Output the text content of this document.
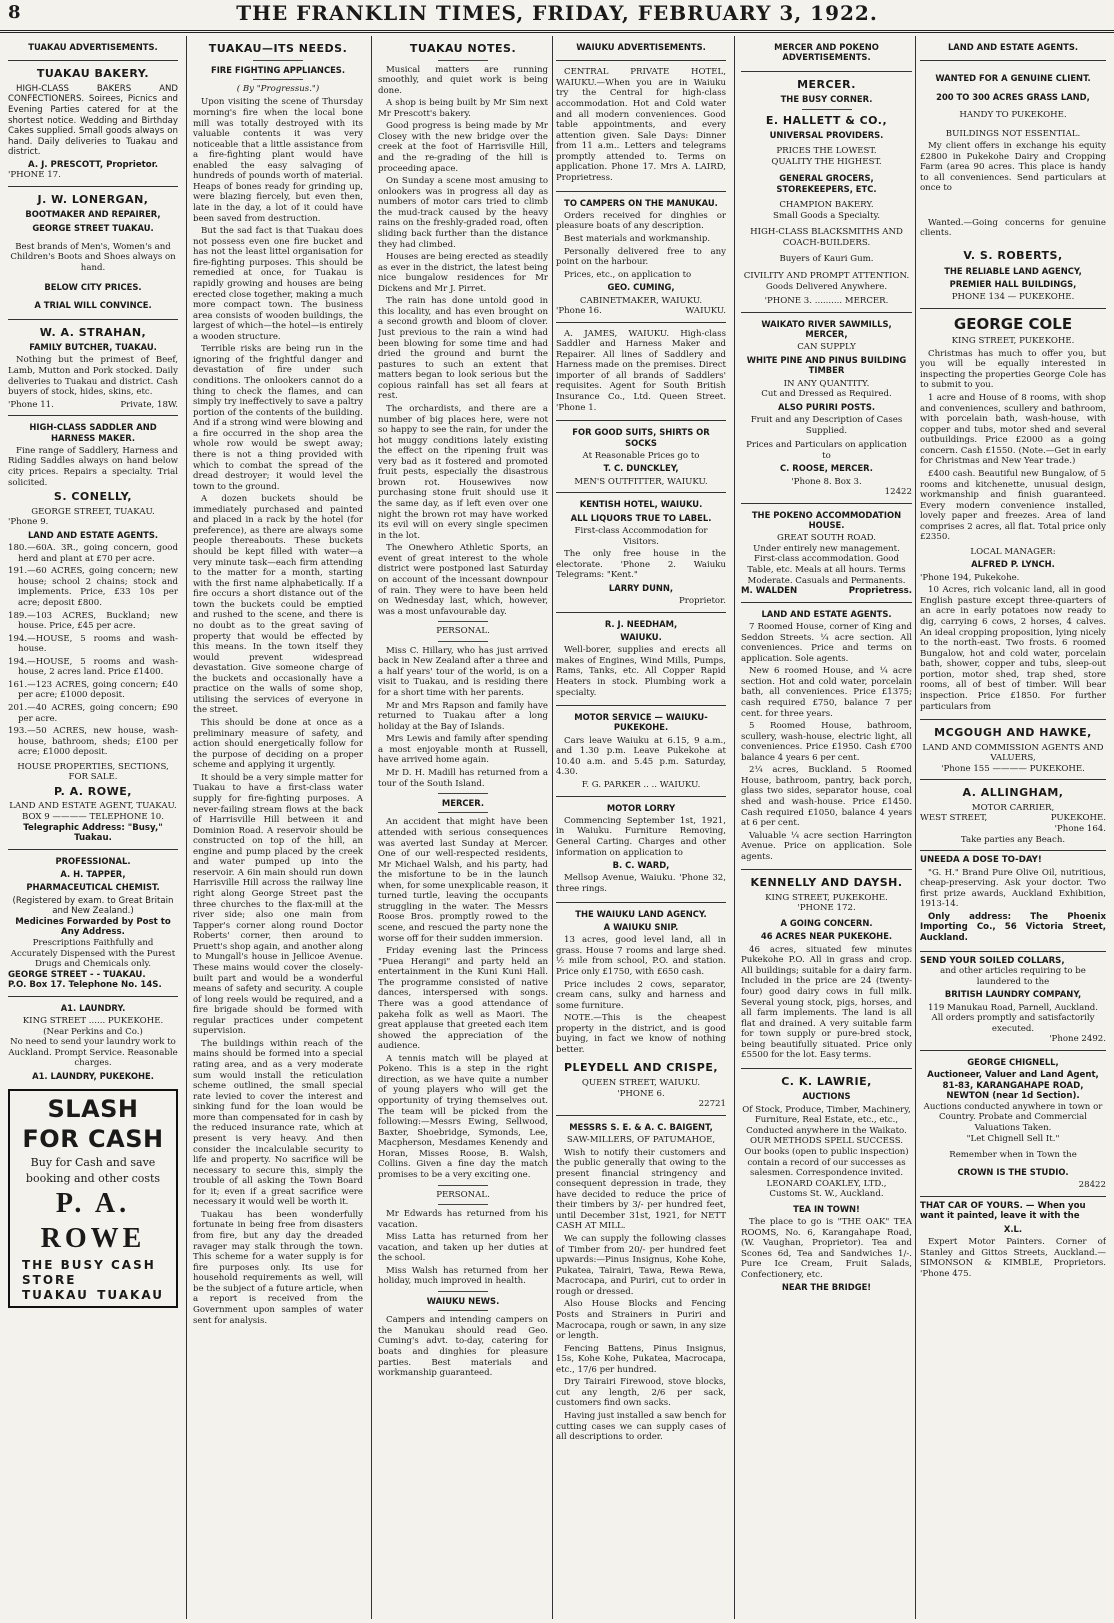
8	THE FRANKLIN TIMES, FRIDAY, FEBRUARY 3, 1922.
TUAKAU ADVERTISEMENTS.
TUAKAU BAKERY.

HIGH-CLASS BAKERS AND CONFECTIONERS. Soirees, Picnics and Evening Parties catered for at the shortest notice. Wedding and Birthday Cakes supplied. Small goods always on hand. Daily deliveries to Tuakau and district.

A. J. PRESCOTT, Proprietor.
'PHONE 17.
J. W. LONERGAN,
BOOTMAKER AND REPAIRER,
GEORGE STREET TUAKAU.

Best brands of Men's, Women's and Children's Boots and Shoes always on hand.

BELOW CITY PRICES.
A TRIAL WILL CONVINCE.
W. A. STRAHAN,
FAMILY BUTCHER, TUAKAU.

Nothing but the primest of Beef, Lamb, Mutton and Pork stocked. Daily deliveries to Tuakau and district. Cash buyers of stock, hides, skins, etc.

'Phone 11.	Private, 18W.
HIGH-CLASS SADDLER AND HARNESS MAKER.

Fine range of Saddlery, Harness and Riding Saddles always on hand below city prices. Repairs a specialty. Trial solicited.

S. CONELLY,
GEORGE STREET, TUAKAU.
'Phone 9.
LAND AND ESTATE AGENTS.

180.—60A. 3R., going concern, good herd and plant at £70 per acre.

191.—60 ACRES, going concern; new house; school 2 chains; stock and implements. Price, £33 10s per acre; deposit £800.

189.—103 ACRES, Buckland; new house. Price, £45 per acre.

194.—HOUSE, 5 rooms and wash-house.

194.—HOUSE, 5 rooms and wash-house, 2 acres land. Price £1400.

161.—123 ACRES, going concern; £40 per acre; £1000 deposit.

201.—40 ACRES, going concern; £90 per acre.

193.—50 ACRES, new house, wash-house, bathroom, sheds; £100 per acre; £1000 deposit.

HOUSE PROPERTIES, SECTIONS, FOR SALE.
P. A. ROWE,
LAND AND ESTATE AGENT, TUAKAU.
BOX 9 ———— TELEPHONE 10.
Telegraphic Address: "Busy," Tuakau.
PROFESSIONAL.
A. H. TAPPER,
PHARMACEUTICAL CHEMIST.
(Registered by exam. to Great Britain and New Zealand.)
Medicines Forwarded by Post to Any Address.
Prescriptions Faithfully and Accurately Dispensed with the Purest Drugs and Chemicals only.
GEORGE STREET - - TUAKAU.
P.O. Box 17. Telephone No. 14S.
A1. LAUNDRY.
KING STREET ...... PUKEKOHE.
(Near Perkins and Co.)
No need to send your laundry work to Auckland. Prompt Service. Reasonable charges.
A1. LAUNDRY, PUKEKOHE.
SLASH FOR CASH
Buy for Cash and save
booking and other costs
P. A. ROWE
THE BUSY CASH STORE
TUAKAU TUAKAU
TUAKAU—ITS NEEDS.
FIRE FIGHTING APPLIANCES.
( By "Progressus.")

Upon visiting the scene of Thursday morning's fire when the local bone mill was totally destroyed with its valuable contents it was very noticeable that a little assistance from a fire-fighting plant would have enabled the easy salvaging of hundreds of pounds worth of material. Heaps of bones ready for grinding up, were blazing fiercely, but even then, late in the day, a lot of it could have been saved from destruction.

But the sad fact is that Tuakau does not possess even one fire bucket and has not the least littel organisation for fire-fighting purposes. This should be remedied at once, for Tuakau is rapidly growing and houses are being erected close together, making a much more compact town. The business area consists of wooden buildings, the largest of which—the hotel—is entirely a wooden structure.

Terrible risks are being run in the ignoring of the frightful danger and devastation of fire under such conditions. The onlookers cannot do a thing to check the flames, and can simply try ineffectively to save a paltry portion of the contents of the building. And if a strong wind were blowing and a fire occurred in the shop area the whole row would be swept away; there is not a thing provided with which to combat the spread of the dread destroyer; it would level the town to the ground.

A dozen buckets should be immediately purchased and painted and placed in a rack by the hotel (for preference), as there are always some people thereabouts. These buckets should be kept filled with water—a very minute task—each firm attending to the matter for a month, starting with the first name alphabetically. If a fire occurs a short distance out of the town the buckets could be emptied and rushed to the scene, and there is no doubt as to the great saving of property that would be effected by this means. In the town itself they would prevent widespread devastation. Give someone charge of the buckets and occasionally have a practice on the walls of some shop, utilising the services of everyone in the street.

This should be done at once as a preliminary measure of safety, and action should energetically follow for the purpose of deciding on a proper scheme and applying it urgently.

It should be a very simple matter for Tuakau to have a first-class water supply for fire-fighting purposes. A never-failing stream flows at the back of Harrisville Hill between it and Dominion Road. A reservoir should be constructed on top of the hill, an engine and pump placed by the creek and water pumped up into the reservoir. A 6in main should run down Harrisville Hill across the railway line right along George Street past the three churches to the flax-mill at the river side; also one main from Tapper's corner along round Doctor Roberts' corner, then around to Pruett's shop again, and another along to Mungall's house in Jellicoe Avenue. These mains would cover the closely-built part and would be a wonderful means of safety and security. A couple of long reels would be required, and a fire brigade should be formed with regular practices under competent supervision.

The buildings within reach of the mains should be formed into a special rating area, and as a very moderate sum would install the reticulation scheme outlined, the small special rate levied to cover the interest and sinking fund for the loan would be more than compensated for in cash by the reduced insurance rate, which at present is very heavy. And then consider the incalculable security to life and property. No sacrifice will be necessary to secure this, simply the trouble of all asking the Town Board for it; even if a great sacrifice were necessary it would well be worth it.

Tuakau has been wonderfully fortunate in being free from disasters from fire, but any day the dreaded ravager may stalk through the town. This scheme for a water supply is for fire purposes only. Its use for household requirements as well, will be the subject of a future article, when a report is received from the Government upon samples of water sent for analysis.

TUAKAU NOTES.

Musical matters are running smoothly, and quiet work is being done.

A shop is being built by Mr Sim next Mr Prescott's bakery.

Good progress is being made by Mr Closey with the new bridge over the creek at the foot of Harrisville Hill, and the re-grading of the hill is proceeding apace.

On Sunday a scene most amusing to onlookers was in progress all day as numbers of motor cars tried to climb the mud-track caused by the heavy rains on the freshly-graded road, often sliding back further than the distance they had climbed.

Houses are being erected as steadily as ever in the district, the latest being nice bungalow residences for Mr Dickens and Mr J. Pirret.

The rain has done untold good in this locality, and has even brought on a second growth and bloom of clover. Just previous to the rain a wind had been blowing for some time and had dried the ground and burnt the pastures to such an extent that matters began to look serious but the copious rainfall has set all fears at rest.

The orchardists, and there are a number of big places here, were not so happy to see the rain, for under the hot muggy conditions lately existing the effect on the ripening fruit was very bad as it fostered and promoted fruit pests, especially the disastrous brown rot. Housewives now purchasing stone fruit should use it the same day, as if left even over one night the brown rot may have worked its evil will on every single specimen in the lot.

The Onewhero Athletic Sports, an event of great interest to the whole district were postponed last Saturday on account of the incessant downpour of rain. They were to have been held on Wednesday last, which, however, was a most unfavourable day.

PERSONAL.

Miss C. Hillary, who has just arrived back in New Zealand after a three and a half years' tour of the world, is on a visit to Tuakau, and is residing there for a short time with her parents.

Mr and Mrs Rapson and family have returned to Tuakau after a long holiday at the Bay of Islands.

Mrs Lewis and family after spending a most enjoyable month at Russell, have arrived home again.

Mr D. H. Madill has returned from a tour of the South Island.

MERCER.

An accident that might have been attended with serious consequences was averted last Sunday at Mercer. One of our well-respected residents, Mr Michael Walsh, and his party, had the misfortune to be in the launch when, for some unexplicable reason, it turned turtle, leaving the occupants struggling in the water. The Messrs Roose Bros. promptly rowed to the scene, and rescued the party none the worse off for their sudden immersion.

Friday evening last the Princess "Puea Herangi" and party held an entertainment in the Kuni Kuni Hall. The programme consisted of native dances, interspersed with songs. There was a good attendance of pakeha folk as well as Maori. The great applause that greeted each item showed the appreciation of the audience.

A tennis match will be played at Pokeno. This is a step in the right direction, as we have quite a number of young players who will get the opportunity of trying themselves out. The team will be picked from the following:—Messrs Ewing, Sellwood, Baxter, Shoebridge, Symonds, Lee, Macpherson, Mesdames Kenendy and Horan, Misses Roose, B. Walsh, Collins. Given a fine day the match promises to be a very exciting one.

PERSONAL.

Mr Edwards has returned from his vacation.

Miss Latta has returned from her vacation, and taken up her duties at the school.

Miss Walsh has returned from her holiday, much improved in health.

WAIUKU NEWS.

Campers and intending campers on the Manukau should read Geo. Cuming's advt. to-day, catering for boats and dinghies for pleasure parties. Best materials and workmanship guaranteed.

WAIUKU ADVERTISEMENTS.

CENTRAL PRIVATE HOTEL, WAIUKU.—When you are in Waiuku try the Central for high-class accommodation. Hot and Cold water and all modern conveniences. Good table appointments, and every attention given. Sale Days: Dinner from 11 a.m.. Letters and telegrams promptly attended to. Terms on application. Phone 17. Mrs A. LAIRD, Proprietress.

TO CAMPERS ON THE MANUKAU.

Orders received for dinghies or pleasure boats of any description.

Best materials and workmanship.

Personally delivered free to any point on the harbour.

Prices, etc., on application to

GEO. CUMING,
CABINETMAKER, WAIUKU.
'Phone 16.	WAIUKU.

A. JAMES, WAIUKU. High-class Saddler and Harness Maker and Repairer. All lines of Saddlery and Harness made on the premises. Direct importer of all brands of Saddlers' requisites. Agent for South British Insurance Co., Ltd. Queen Street. 'Phone 1.

FOR GOOD SUITS, SHIRTS OR SOCKS
At Reasonable Prices go to
T. C. DUNCKLEY,
MEN'S OUTFITTER, WAIUKU.
KENTISH HOTEL, WAIUKU.
ALL LIQUORS TRUE TO LABEL.
First-class Accommodation for Visitors.

The only free house in the electorate. 'Phone 2. Waiuku Telegrams: "Kent."

LARRY DUNN,
Proprietor.
R. J. NEEDHAM,
WAIUKU.

Well-borer, supplies and erects all makes of Engines, Wind Mills, Pumps, Rams, Tanks, etc. All Copper Rapid Heaters in stock. Plumbing work a specialty.

MOTOR SERVICE — WAIUKU-PUKEKOHE.

Cars leave Waiuku at 6.15, 9 a.m., and 1.30 p.m. Leave Pukekohe at 10.40 a.m. and 5.45 p.m. Saturday, 4.30.

F. G. PARKER .. .. WAIUKU.
MOTOR LORRY

Commencing September 1st, 1921, in Waiuku. Furniture Removing, General Carting. Charges and other information on application to

B. C. WARD,

Mellsop Avenue, Waiuku. 'Phone 32, three rings.

THE WAIUKU LAND AGENCY.
A WAIUKU SNIP.

13 acres, good level land, all in grass. House 7 rooms and large shed. ½ mile from school, P.O. and station. Price only £1750, with £650 cash.

Price includes 2 cows, separator, cream cans, sulky and harness and some furniture.

NOTE.—This is the cheapest property in the district, and is good buying, in fact we know of nothing better.

PLEYDELL AND CRISPE,
QUEEN STREET, WAIUKU.
'PHONE 6.
22721
MESSRS S. E. & A. C. BAIGENT,
SAW-MILLERS, OF PATUMAHOE,

Wish to notify their customers and the public generally that owing to the present financial stringency and consequent depression in trade, they have decided to reduce the price of their timbers by 3/- per hundred feet, until December 31st, 1921, for NETT CASH AT MILL.

We can supply the following classes of Timber from 20/- per hundred feet upwards:—Pinus Insignus, Kohe Kohe, Pukatea, Tairairi, Tawa, Rewa Rewa, Macrocapa, and Puriri, cut to order in rough or dressed.

Also House Blocks and Fencing Posts and Strainers in Puriri and Macrocapa, rough or sawn, in any size or length.

Fencing Battens, Pinus Insignus, 15s, Kohe Kohe, Pukatea, Macrocapa, etc., 17/6 per hundred.

Dry Tairairi Firewood, stove blocks, cut any length, 2/6 per sack, customers find own sacks.

Having just installed a saw bench for cutting cases we can supply cases of all descriptions to order.

MERCER AND POKENO ADVERTISEMENTS.
MERCER.
THE BUSY CORNER.
E. HALLETT & CO.,
UNIVERSAL PROVIDERS.
PRICES THE LOWEST.
QUALITY THE HIGHEST.
GENERAL GROCERS, STOREKEEPERS, ETC.
CHAMPION BAKERY.
Small Goods a Specialty.
HIGH-CLASS BLACKSMITHS AND COACH-BUILDERS.
Buyers of Kauri Gum.
CIVILITY AND PROMPT ATTENTION.
Goods Delivered Anywhere.
'PHONE 3. .......... MERCER.
WAIKATO RIVER SAWMILLS, MERCER,
CAN SUPPLY
WHITE PINE AND PINUS BUILDING TIMBER
IN ANY QUANTITY.
Cut and Dressed as Required.
ALSO PURIRI POSTS.
Fruit and any Description of Cases Supplied.
Prices and Particulars on application to
C. ROOSE, MERCER.
'Phone 8. Box 3.
12422
THE POKENO ACCOMMODATION HOUSE.
GREAT SOUTH ROAD.
Under entirely new management.
First-class accommodation. Good Table, etc. Meals at all hours. Terms Moderate. Casuals and Permanents.
M. WALDEN	Proprietress.
LAND AND ESTATE AGENTS.

7 Roomed House, corner of King and Seddon Streets. ¼ acre section. All conveniences. Price and terms on application. Sole agents.

New 6 roomed House, and ¼ acre section. Hot and cold water, porcelain bath, all conveniences. Price £1375; cash required £750, balance 7 per cent. for three years.

5 Roomed House, bathroom, scullery, wash-house, electric light, all conveniences. Price £1950. Cash £700 balance 4 years 6 per cent.

2¼ acres, Buckland. 5 Roomed House, bathroom, pantry, back porch, glass two sides, separator house, coal shed and wash-house. Price £1450. Cash required £1050, balance 4 years at 6 per cent.

Valuable ¼ acre section Harrington Avenue. Price on application. Sole agents.

KENNELLY AND DAYSH.
KING STREET, PUKEKOHE.
'PHONE 172.
A GOING CONCERN.
46 ACRES NEAR PUKEKOHE.

46 acres, situated few minutes Pukekohe P.O. All in grass and crop. All buildings; suitable for a dairy farm. Included in the price are 24 (twenty-four) good dairy cows in full milk. Several young stock, pigs, horses, and all farm implements. The land is all flat and drained. A very suitable farm for town supply or pure-bred stock, being beautifully situated. Price only £5500 for the lot. Easy terms.

C. K. LAWRIE,
AUCTIONS
Of Stock, Produce, Timber, Machinery, Furniture, Real Estate, etc., etc., Conducted anywhere in the Waikato. OUR METHODS SPELL SUCCESS. Our books (open to public inspection) contain a record of our successes as salesmen. Correspondence invited.
LEONARD COAKLEY, LTD.,
Customs St. W., Auckland.
TEA IN TOWN!

The place to go is "THE OAK" TEA ROOMS, No. 6, Karangahape Road, (W. Vaughan, Proprietor). Tea and Scones 6d, Tea and Sandwiches 1/-. Pure Ice Cream, Fruit Salads, Confectionery, etc.

NEAR THE BRIDGE!
LAND AND ESTATE AGENTS.
WANTED FOR A GENUINE CLIENT.
200 TO 300 ACRES GRASS LAND,
HANDY TO PUKEKOHE.
BUILDINGS NOT ESSENTIAL.

My client offers in exchange his equity £2800 in Pukekohe Dairy and Cropping Farm (area 90 acres. This place is handy to all conveniences. Send particulars at once to

Wanted.—Going concerns for genuine clients.

V. S. ROBERTS,
THE RELIABLE LAND AGENCY,
PREMIER HALL BUILDINGS,
PHONE 134 — PUKEKOHE.
GEORGE COLE
KING STREET, PUKEKOHE.

Christmas has much to offer you, but you will be equally interested in inspecting the properties George Cole has to submit to you.

1 acre and House of 8 rooms, with shop and conveniences, scullery and bathroom, with porcelain bath, wash-house, with copper and tubs, motor shed and several outbuildings. Price £2000 as a going concern. Cash £1550. (Note.—Get in early for Christmas and New Year trade.)

£400 cash. Beautiful new Bungalow, of 5 rooms and kitchenette, unusual design, workmanship and finish guaranteed. Every modern convenience installed, lovely paper and freezes. Area of land comprises 2 acres, all flat. Total price only £2350.

LOCAL MANAGER:
ALFRED P. LYNCH.
'Phone 194, Pukekohe.

10 Acres, rich volcanic land, all in good English pasture except three-quarters of an acre in early potatoes now ready to dig, carrying 6 cows, 2 horses, 4 calves. An ideal cropping proposition, lying nicely to the north-east. Two frosts. 6 roomed Bungalow, hot and cold water, porcelain bath, shower, copper and tubs, sleep-out portion, motor shed, trap shed, store rooms, all of best of timber. Will bear inspection. Price £1850. For further particulars from

MCGOUGH AND HAWKE,
LAND AND COMMISSION AGENTS AND VALUERS,
'Phone 155 ———— PUKEKOHE.
A. ALLINGHAM,
MOTOR CARRIER,
WEST STREET,	PUKEKOHE.
'Phone 164.
Take parties any Beach.
UNEEDA A DOSE TO-DAY!

"G. H." Brand Pure Olive Oil, nutritious, cheap-preserving. Ask your doctor. Two first prize awards, Auckland Exhibition, 1913-14.

Only address: The Phoenix Importing Co., 56 Victoria Street, Auckland.

SEND YOUR SOILED COLLARS,
and other articles requiring to be laundered to the
BRITISH LAUNDRY COMPANY,
119 Manukau Road, Parnell, Auckland.
All orders promptly and satisfactorily executed.
'Phone 2492.
GEORGE CHIGNELL,
Auctioneer, Valuer and Land Agent, 81-83, KARANGAHAPE ROAD, NEWTON (near 1d Section).
Auctions conducted anywhere in town or Country. Probate and Commercial Valuations Taken.
"Let Chignell Sell It."
Remember when in Town the
CROWN IS THE STUDIO.
28422
THAT CAR OF YOURS. — When you want it painted, leave it with the
X.L.

Expert Motor Painters. Corner of Stanley and Gittos Streets, Auckland.—SIMONSON & KIMBLE, Proprietors. 'Phone 475.
